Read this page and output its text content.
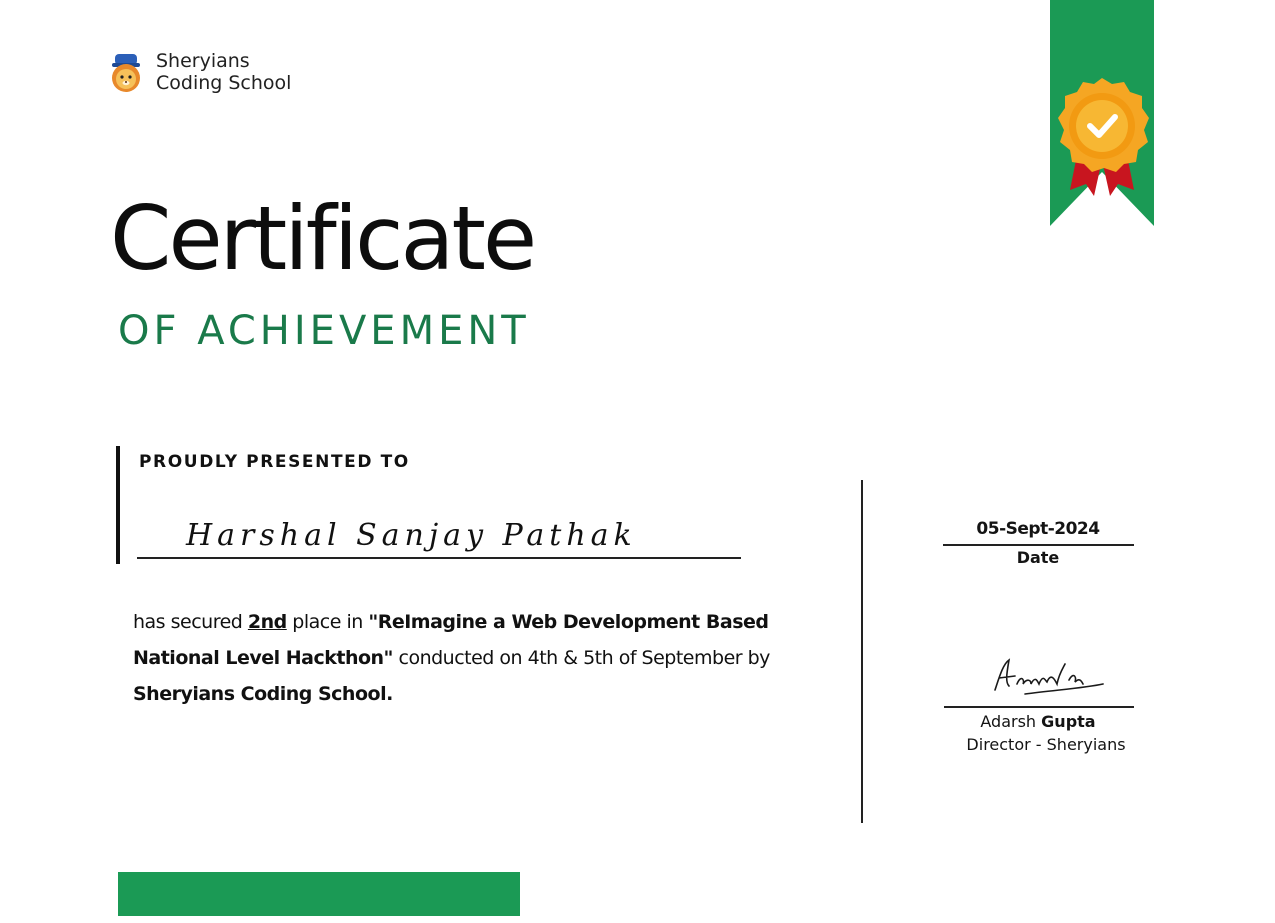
Sheryians
Coding School
Certificate
OF ACHIEVEMENT
PROUDLY PRESENTED TO
Harshal Sanjay Pathak
has secured 2nd place in "ReImagine a Web Development Based National Level Hackthon" conducted on 4th & 5th of September by Sheryians Coding School.
05-Sept-2024
Date
Adarsh Gupta
Director - Sheryians
